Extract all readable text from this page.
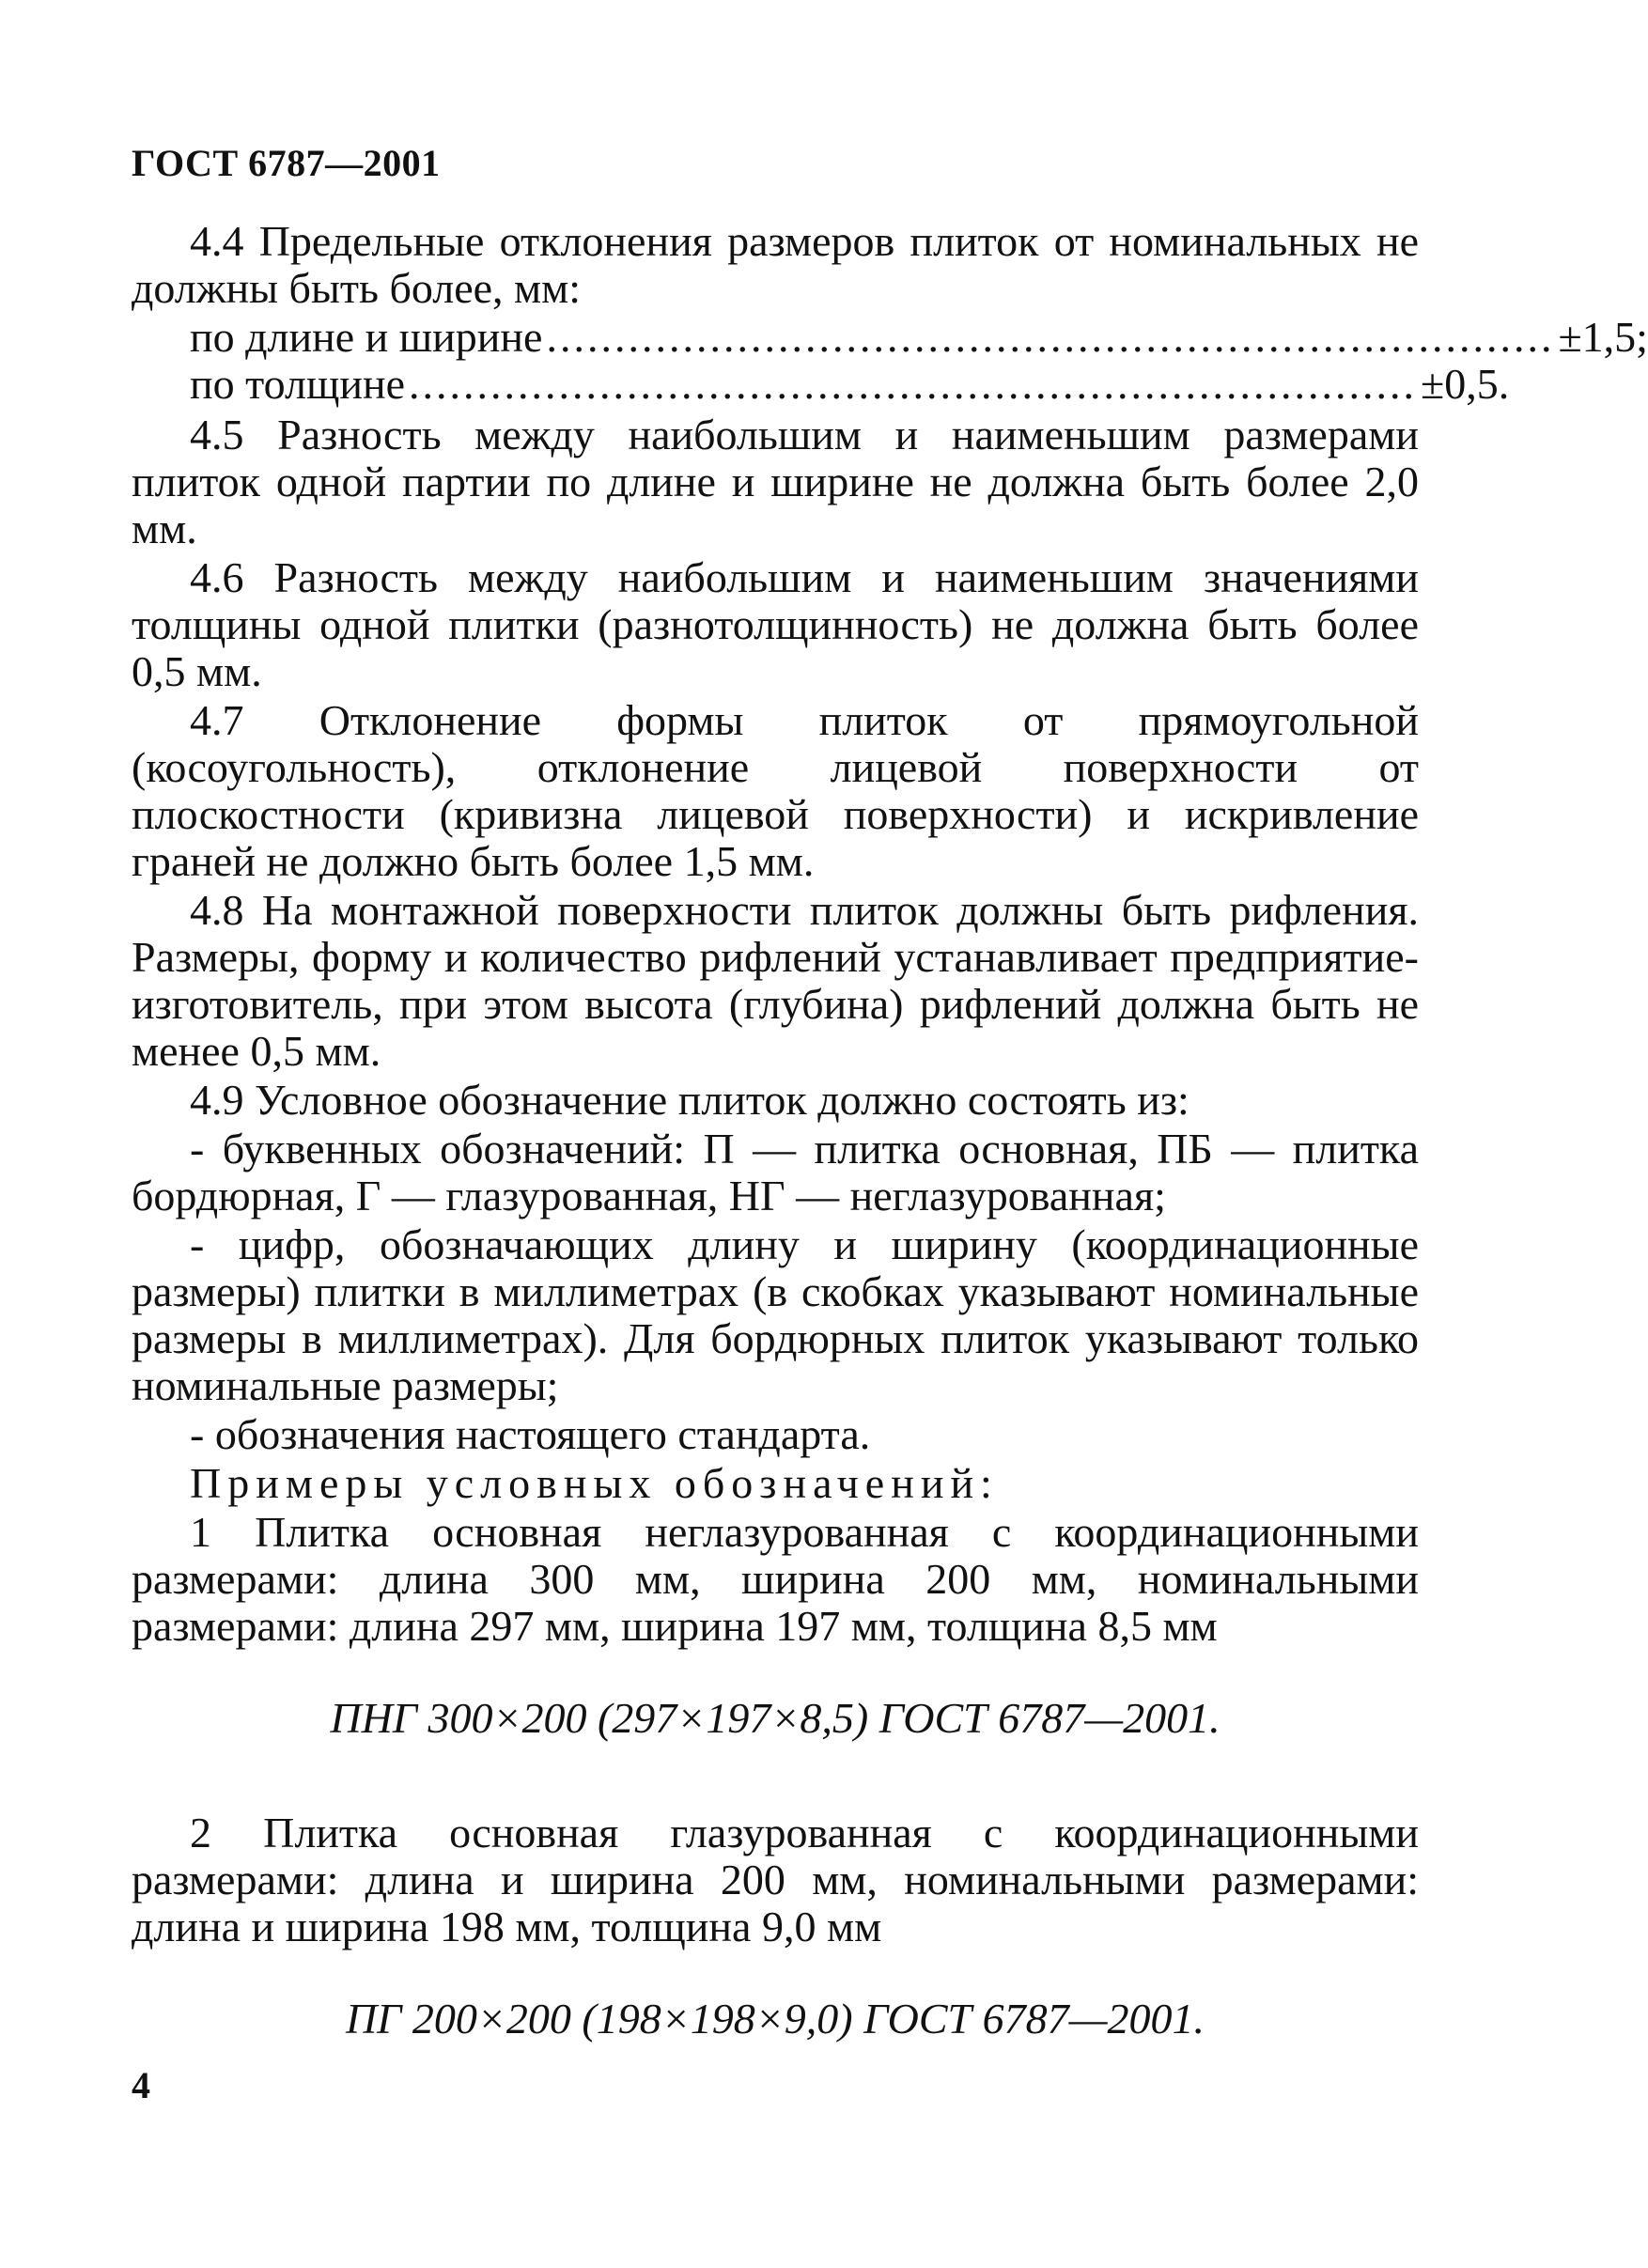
ГОСТ 6787—2001

4.4 Предельные отклонения размеров плиток от номинальных не должны быть более, мм:

по длине и ширине .......................................................................... ±1,5;
по толщине .......................................................................... ±0,5.

4.5 Разность между наибольшим и наименьшим размерами плиток одной партии по длине и ширине не должна быть более 2,0 мм.

4.6 Разность между наибольшим и наименьшим значениями толщины одной плитки (разнотолщинность) не должна быть более 0,5 мм.

4.7 Отклонение формы плиток от прямоугольной (косоугольность), отклонение лицевой поверхности от плоскостности (кривизна лицевой поверхности) и искривление граней не должно быть более 1,5 мм.

4.8 На монтажной поверхности плиток должны быть рифления. Размеры, форму и количество рифлений устанавливает предприятие-изготовитель, при этом высота (глубина) рифлений должна быть не менее 0,5 мм.

4.9 Условное обозначение плиток должно состоять из:

- буквенных обозначений: П — плитка основная, ПБ — плитка бордюрная, Г — глазурованная, НГ — неглазурованная;

- цифр, обозначающих длину и ширину (координационные размеры) плитки в миллиметрах (в скобках указывают номинальные размеры в миллиметрах). Для бордюрных плиток указывают только номинальные размеры;

- обозначения настоящего стандарта.

Примеры условных обозначений:

1 Плитка основная неглазурованная с координационными размерами: длина 300 мм, ширина 200 мм, номинальными размерами: длина 297 мм, ширина 197 мм, толщина 8,5 мм

ПНГ 300×200 (297×197×8,5) ГОСТ 6787—2001.

2 Плитка основная глазурованная с координационными размерами: длина и ширина 200 мм, номинальными размерами: длина и ширина 198 мм, толщина 9,0 мм

ПГ 200×200 (198×198×9,0) ГОСТ 6787—2001.

4
